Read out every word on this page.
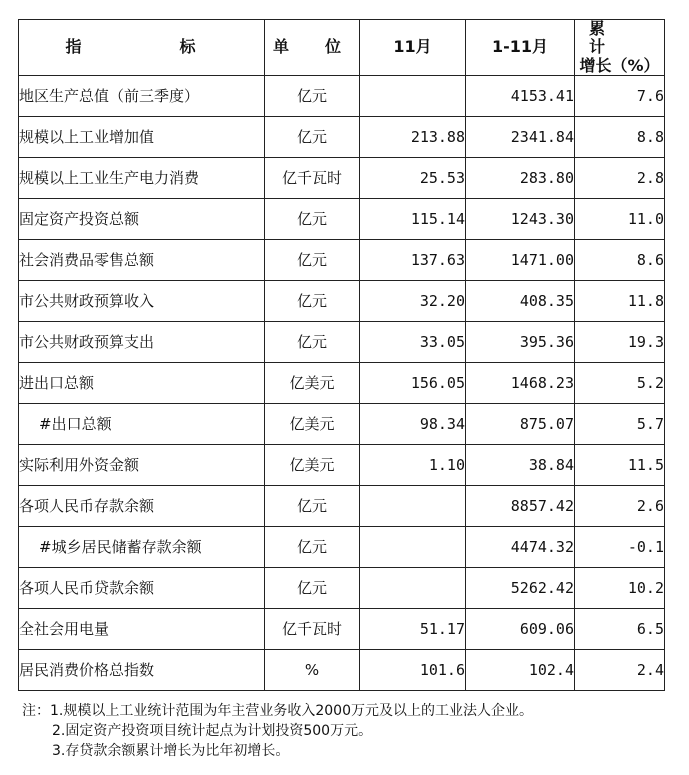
指　　标	单　位	11月	1-11月	累　　计
增长（%）

地区生产总值（前三季度）	亿元		4153.41	7.6
规模以上工业增加值	亿元	213.88	2341.84	8.8
规模以上工业生产电力消费	亿千瓦时	25.53	283.80	2.8
固定资产投资总额	亿元	115.14	1243.30	11.0
社会消费品零售总额	亿元	137.63	1471.00	8.6
市公共财政预算收入	亿元	32.20	408.35	11.8
市公共财政预算支出	亿元	33.05	395.36	19.3
进出口总额	亿美元	156.05	1468.23	5.2
#出口总额	亿美元	98.34	875.07	5.7
实际利用外资金额	亿美元	1.10	38.84	11.5
各项人民币存款余额	亿元		8857.42	2.6
#城乡居民储蓄存款余额	亿元		4474.32	-0.1
各项人民币贷款余额	亿元		5262.42	10.2
全社会用电量	亿千瓦时	51.17	609.06	6.5
居民消费价格总指数	%	101.6	102.4	2.4
注：1.规模以上工业统计范围为年主营业务收入2000万元及以上的工业法人企业。
2.固定资产投资项目统计起点为计划投资500万元。
3.存贷款余额累计增长为比年初增长。
